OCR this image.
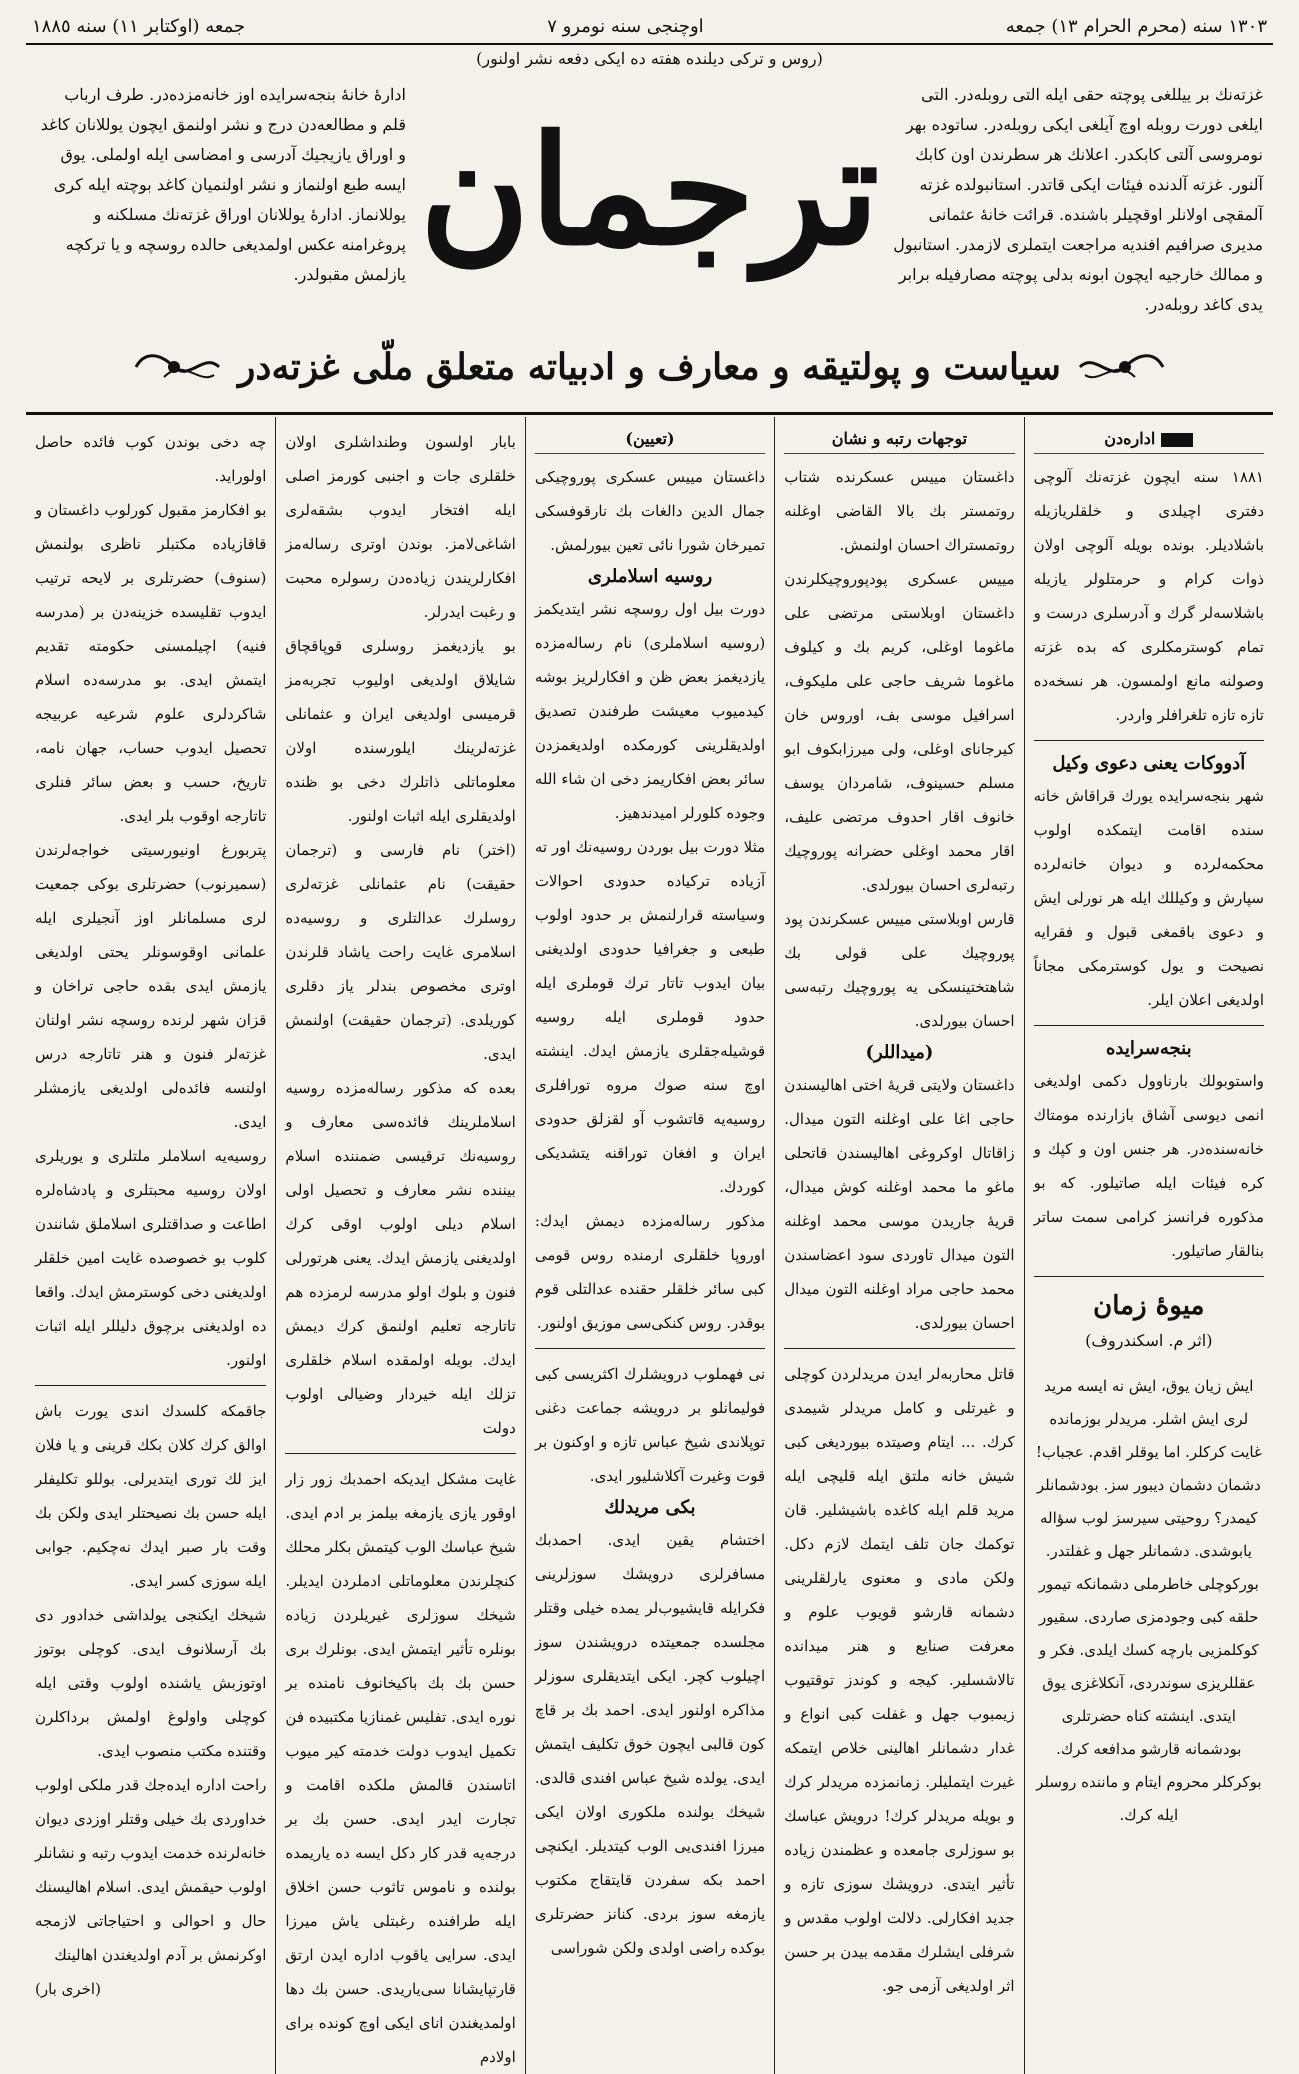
١٣٠٣ سنه (محرم الحرام ١٣) جمعه
اوچنجی سنه نومرو ٧
جمعه (اوكتابر ١١) سنه ١٨٨٥
(روس و تركی دیلنده هفته ده ایكی دفعه نشر اولنور)
غزته‌نك بر ییللغی پوچته حقی ایله التی روبله‌در. التی ایلغی دورت روبله اوچ آیلغی ایكی روبله‌در. ساتوده بهر نومروسی آلتی كابكدر. اعلانك هر سطرندن اون كابك آلنور. غزته آلدنده فیئات ایكی قاتدر. استانبولده غزته آلمقچی اولانلر اوقچیلر باشنده. قرائت خانهٔ عثمانی مدیری صرافیم افندیه مراجعت ایتملری لازمدر. استانبول و ممالك خارجیه ایچون ابونه بدلی پوچته مصارفیله برابر یدی كاغد روبله‌در.
ترجمان
ادارهٔ خانهٔ بنجه‌سرایده اوز خانه‌مزده‌در. طرف ارباب قلم و مطالعه‌دن درج و نشر اولنمق ایچون یوللانان كاغد و اوراق یازیجیك آدرسی و امضاسی ایله اولملی. یوق ایسه طبع اولنماز و نشر اولنمیان كاغد بوچته ایله كری یوللانماز. ادارهٔ یوللانان اوراق غزته‌نك مسلكنه و پروغرامنه عكس اولمدیغی حالده روسچه و یا تركچه یازلمش مقبولدر.
سیاست و پولتیقه و معارف و ادبیاته متعلق ملّی غزته‌در
اداره‌دن

١٨٨١ سنه ایچون غزته‌نك آلوچی دفتری اچیلدی و خلقلریازیله باشلادیلر. بونده بویله آلوچی اولان ذوات كرام و حرمتلولر یازیله باشلاسه‌لر گرك و آدرسلری درست و تمام كوسترمكلری كه بده غزته وصولنه مانع اولمسون. هر نسخه‌ده تازه تازه تلغرافلر واردر.

آدووكات یعنی دعوی وكیل

شهر بنجه‌سرایده یورك قراقاش خانه سنده اقامت ایتمكده اولوب محكمه‌لرده و دیوان خانه‌لرده سپارش و وكیللك ایله هر نورلی ایش و دعوی باقمغی قبول و فقرایه نصیحت و یول كوسترمكی مجاناً اولدیغی اعلان ایلر.

بنجه‌سرایده

واستوبولك بارناوول دكمی اولدیغی انمی دیوسی آشاق بازارنده مومتاك خانه‌سنده‌در. هر جنس اون و كپك و كره فیئات ایله صاتیلور. كه بو مذكوره فرانسز كرامی سمت ساتر بنالقار صاتیلور.

میوهٔ زمان
(اثر م. اسكندروف)

ایش زیان یوق، ایش نه ایسه مرید لری ایش اشلر. مریدلر بوزمانده غایت كركلر. اما یوقلر اقدم. عجباب! دشمان دشمان دیبور سز. بودشمانلر كیمدر؟ روحیتی سیرسز لوب سؤاله یابوشدی. دشمانلر جهل و غفلتدر. بوركوچلی خاطرملی دشمانكه تیمور حلقه كبی وجودمزی صاردی. سقیور كوكلمزیی بارچه كسك ایلدی. فكر و عقللریزی سوندردی، آنكلاغزی یوق ایتدی. اینشته كناه حضرتلری بودشمانه قارشو مدافعه كرك. بوكركلر محروم ایتام و ماننده روسلر ایله كرك.

توجهات رتبه و نشان

داغستان مییس عسكرنده شتاب روتمستر بك بالا القاضی اوغلنه روتمستراك احسان اولنمش.

مییس عسكری پودپوروچیكلرندن داغستان اوبلاستی مرتضی علی ماغوما اوغلی، كریم بك و كیلوف ماغوما شریف حاجی علی ملیكوف، اسرافیل موسی بف، اوروس خان كیرجانای اوغلی، ولی میرزابكوف ابو مسلم حسینوف، شامردان یوسف خانوف اقار احدوف مرتضی علیف، اقار محمد اوغلی حضرانه پوروچیك رتبه‌لری احسان بیورلدی.

قارس اوبلاستی مییس عسكرندن پود پوروچیك علی قولی بك شاهتختینسكی یه پوروچیك رتبه‌سی احسان بیورلدی.

(میداللر)

داغستان ولایتی قریهٔ اختی اهالیسندن حاجی اغا علی اوغلنه التون میدال. زاقاتال اوكروغی اهالیسندن قاتحلی ماغو ما محمد اوغلنه كوش میدال، قریهٔ جاریدن موسی محمد اوغلنه التون میدال تاوردی سود اعضاسندن محمد حاجی مراد اوغلنه التون میدال احسان بیورلدی.

قاتل محاربه‌لر ایدن مریدلردن كوچلی و غیرتلی و كامل مریدلر شیمدی كرك. ... ایتام وصیتده بیوردیغی كبی شیش خانه ملتق ایله قلیچی ایله مرید قلم ایله كاغده باشیشلیر. قان توكمك جان تلف ایتمك لازم دكل. ولكن مادی و معنوی یارلقلرینی دشمانه قارشو قویوب علوم و معرفت صنایع و هنر میدانده تالاشسلیر. كیجه و كوندز توقتیوب زیمبوب جهل و غفلت كبی انواع و غدار دشمانلر اهالینی خلاص ایتمكه غیرت ایتملیلر. زمانمزده مریدلر كرك و بویله مریدلر كرك! درویش عباسك بو سوزلری جامعده و عظمندن زیاده تأثیر ایتدی. درویشك سوزی تازه و جدید افكارلی. دلالت اولوب مقدس و شرفلی ایشلرك مقدمه بیدن بر حسن اثر اولدیغی آزمی جو.

(تعیین)

داغستان مییس عسكری پوروچیكی جمال الدین دالغات بك نارقوفسكی تمیرخان شورا نائی تعین بیورلمش.

روسیه اسلاملری

دورت بیل اول روسچه نشر ایتدیكمز (روسیه اسلاملری) نام رساله‌مزده یازدیغمز بعض ظن و افكارلریز بوشه كیدمیوب معیشت طرفندن تصدیق اولدیقلرینی كورمكده اولدیغمزدن سائر بعض افكاریمز دخی ان شاء الله وجوده كلورلر امیدندهیز.

مثلا دورت بیل بوردن روسیه‌نك اور ته آزیاده تركیاده حدودی احوالات وسیاسته قرارلنمش بر حدود اولوب طبعی و جغرافیا حدودی اولدیغنی بیان ایدوب تاتار ترك قوملری ایله حدود قوملری ایله روسیه قوشیله‌جقلری یازمش ایدك. اینشته اوچ سنه صوك مروه تورافلری روسیه‌یه قاتشوب آو لقزلق حدودی ایران و افغان توراقنه یتشدیكی كوردك.

مذكور رساله‌مزده دیمش ایدك: اوروپا خلقلری ارمنده روس قومی كبی سائر خلقلر حقنده عدالتلی قوم بوقدر. روس كنكی‌سی موزیق اولنور.

نی فهملوب درویشلرك اكثریسی كبی فولیمانلو بر درویشه جماعت دغنی توپلاندی شیخ عباس تازه و اوكنون بر قوت وغیرت آكلاشلیور ایدی.

بكی مریدلك

اختشام یقین ایدی. احمدبك مسافرلری درویشك سوزلرینی فكرایله قایشیوب‌لر یمده خیلی وقتلر مجلسده جمعیتده درویشندن سوز اچیلوب كچر. ایكی ایتدیقلری سوزلر مذاكره اولنور ایدی. احمد بك بر قاچ كون قالبی ایچون خوق تكلیف ایتمش ایدی. یولده شیخ عباس افندی قالدی. شیخك بولنده ملكوری اولان ایكی میرزا افندی‌یی الوب كیتدیلر. ایكنچی احمد بكه سفردن قایتقاج مكتوب یازمغه سوز بردی. كنانز حضرتلری بوكده راضی اولدی ولكن شوراسی

بابار اولسون وطنداشلری اولان خلقلری جات و اجنبی كورمز اصلی ایله افتخار ایدوب بشقه‌لری اشاغی‌لامز. بوندن اوتری رساله‌مز افكارلریندن زیاده‌دن رسولره محبت و رغبت ایدرلر.

بو یازدیغمز روسلری قوپاقچاق شایلاق اولدیغی اولیوب تجربه‌مز قرمیسی اولدیغی ایران و عثمانلی غزته‌لرینك ایلورسنده اولان معلوماتلی ذاتلرك دخی بو ظنده اولدیقلری ایله اثبات اولنور.

(اختر) نام فارسی و (ترجمان حقیقت) نام عثمانلی غزته‌لری روسلرك عدالتلری و روسیه‌ده اسلامری غایت راحت یاشاد قلرندن اوتری مخصوص بندلر یاز دقلری كوریلدی. (ترجمان حقیقت) اولنمش ایدی.

بعده كه مذكور رساله‌مزده روسیه اسلاملرینك فائده‌سی معارف و روسیه‌نك ترقیسی ضمننده اسلام بیننده نشر معارف و تحصیل اولی اسلام دیلی اولوب اوقی كرك اولدیغنی یازمش ایدك. یعنی هرتورلی فنون و بلوك اولو مدرسه لرمزده هم تاتارجه تعلیم اولنمق كرك دیمش ایدك. بویله اولمقده اسلام خلقلری تزلك ایله خیردار وضیالی اولوب دولت

غایت مشكل ایدیكه احمدبك زور زار اوقور یازی یازمغه بیلمز بر ادم ایدی. شیخ عباسك الوب كیتمش بكلر محلك كنچلرندن معلوماتلی ادملردن ایدیلر. شیخك سوزلری غیریلردن زیاده بونلره تأثیر ایتمش ایدی. بونلرك بری حسن بك بك باكیخانوف نامنده بر نوره ایدی. تفلیس غمنازیا مكتبیده فن تكمیل ایدوب دولت خدمته كیر میوب اتاسندن قالمش ملكده اقامت و تجارت ایدر ایدی. حسن بك بر درجه‌یه قدر كار دكل ایسه ده یاریمده بولنده و ناموس تاثوب حسن اخلاق ایله طرافنده رغبتلی یاش میرزا ایدی. سرایی یاقوب اداره ایدن ارتق قارتپایشانا سی‌یاریدی. حسن بك دها اولمدیغندن انای ایكی اوچ كونده برای اولادم

چه دخی بوندن كوب فائده حاصل اولوراید.

بو افكارمز مقبول كورلوب داغستان و قاقازیاده مكتبلر ناظری بولنمش (سنوف) حضرتلری بر لایحه ترتیب ایدوب تقلیسده خزینه‌دن بر (مدرسه فنیه) اچیلمسنی حكومته تقدیم ایتمش ایدی. بو مدرسه‌ده اسلام شاكردلری علوم شرعیه عربیجه تحصیل ایدوب حساب، جهان نامه، تاریخ، حسب و بعض سائر فنلری تاتارجه اوقوب بلر ایدی.

پتربورغ اونیورسیتی خواجه‌لرندن (سمیرنوب) حضرتلری بوكی جمعیت لری مسلمانلر اوز آنجیلری ایله علمانی اوقوسونلر یحتی اولدیغی یازمش ایدی بقده حاجی تراخان و قزان شهر لرنده روسچه نشر اولنان غزته‌لر فنون و هنر تاتارجه درس اولنسه فائده‌لی اولدیغی یازمشلر ایدی.

روسیه‌یه اسلاملر ملتلری و یوریلری اولان روسیه محبتلری و پادشاه‌لره اطاعت و صداقتلری اسلاملق شانندن كلوب بو خصوصده غایت امین خلقلر اولدیغنی دخی كوسترمش ایدك. واقعا ده اولدیغنی برچوق دلیللر ایله اثبات اولنور.

جاقمكه كلسدك اندی یورت باش اوالق كرك كلان بكك قرینی و یا فلان ایز لك توری ایتدیرلی. بوللو تكلیفلر ایله حسن بك نصیحتلر ایدی ولكن بك وقت بار صبر ایدك نه‌چكیم. جوابی ایله سوزی كسر ایدی.

شیخك ایكنجی یولداشی خدادور دی بك آرسلانوف ایدی. كوچلی بوتوز اوتوزبش یاشنده اولوب وقتی ایله كوچلی واولوغ اولمش برداكلرن وقتنده مکتب منصوب ایدی.

راحت اداره ایده‌جك قدر ملكی اولوب خداوردی بك خیلی وقتلر اوزدی دیوان خانه‌لرنده خدمت ایدوب رتبه و نشانلر اولوب حیقمش ایدی. اسلام اهالیسنك حال و احوالی و احتیاجاتی لازمجه اوكرنمش بر آدم اولدیغندن اهالینك

(اخری بار)
